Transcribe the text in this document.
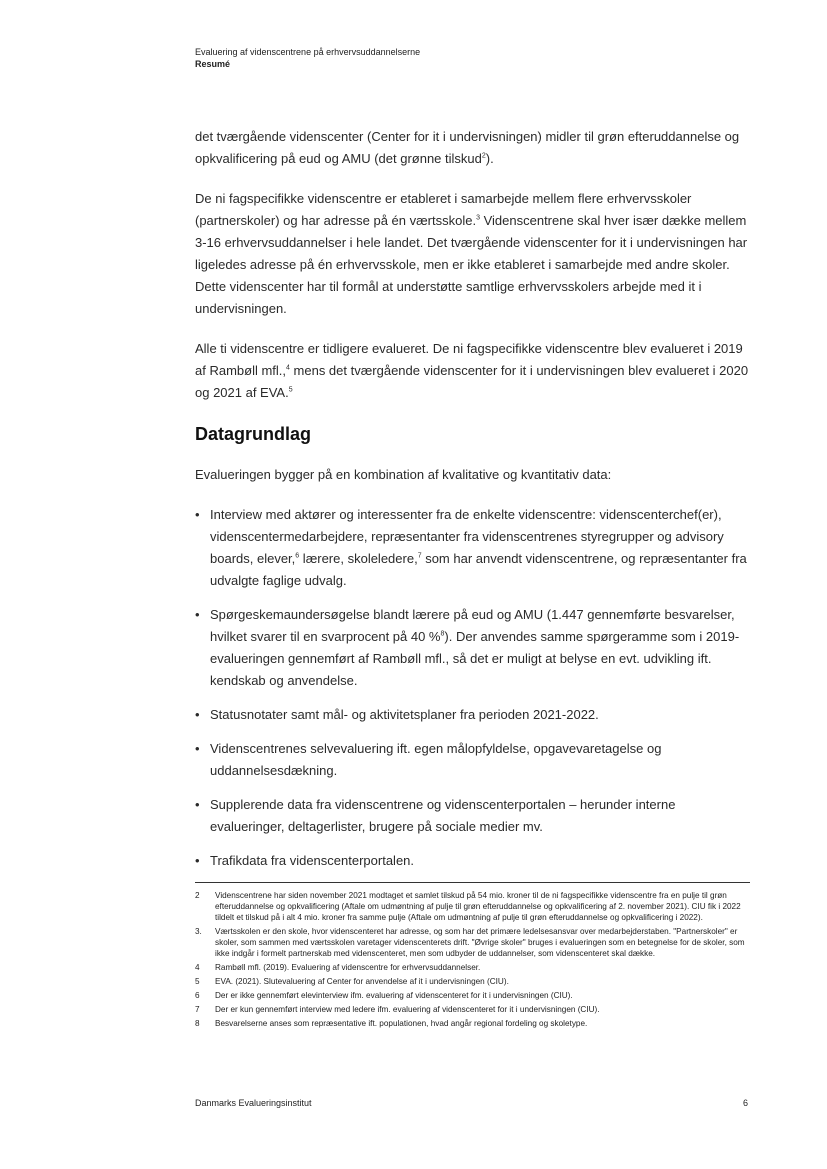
Evaluering af videnscentrene på erhvervsuddannelserne
Resumé

det tværgående videnscenter (Center for it i undervisningen) midler til grøn efteruddannelse og opkvalificering på eud og AMU (det grønne tilskud$^2$).

De ni fagspecifikke videnscentre er etableret i samarbejde mellem flere erhvervsskoler (partnerskoler) og har adresse på én værtsskole.$^3$ Videnscentrene skal hver især dække mellem 3-16 erhvervsuddannelser i hele landet. Det tværgående videnscenter for it i undervisningen har ligeledes adresse på én erhvervsskole, men er ikke etableret i samarbejde med andre skoler. Dette videnscenter har til formål at understøtte samtlige erhvervsskolers arbejde med it i undervisningen.

Alle ti videnscentre er tidligere evalueret. De ni fagspecifikke videnscentre blev evalueret i 2019 af Rambøll mfl.,$^4$ mens det tværgående videnscenter for it i undervisningen blev evalueret i 2020 og 2021 af EVA.$^5$

Datagrundlag

Evalueringen bygger på en kombination af kvalitative og kvantitativ data:

• Interview med aktører og interessenter fra de enkelte videnscentre: videnscenterchef(er), videnscentermedarbejdere, repræsentanter fra videnscentrenes styregrupper og advisory boards, elever,$^6$ lærere, skoleledere,$^7$ som har anvendt videnscentrene, og repræsentanter fra udvalgte faglige udvalg.
• Spørgeskemaundersøgelse blandt lærere på eud og AMU (1.447 gennemførte besvarelser, hvilket svarer til en svarprocent på 40 %$^8$). Der anvendes samme spørgeramme som i 2019-evalueringen gennemført af Rambøll mfl., så det er muligt at belyse en evt. udvikling ift. kendskab og anvendelse.
• Statusnotater samt mål- og aktivitetsplaner fra perioden 2021-2022.
• Videnscentrenes selvevaluering ift. egen målopfyldelse, opgavevaretagelse og uddannelsesdækning.
• Supplerende data fra videnscentrene og videnscenterportalen – herunder interne evalueringer, deltagerlister, brugere på sociale medier mv.
• Trafikdata fra videnscenterportalen.
2	Videnscentrene har siden november 2021 modtaget et samlet tilskud på 54 mio. kroner til de ni fagspecifikke videnscentre fra en pulje til grøn efteruddannelse og opkvalificering (Aftale om udmøntning af pulje til grøn efteruddannelse og opkvalificering af 2. november 2021). CIU fik i 2022 tildelt et tilskud på i alt 4 mio. kroner fra samme pulje (Aftale om udmøntning af pulje til grøn efteruddannelse og opkvalificering i 2022).
3.	Værtsskolen er den skole, hvor videnscenteret har adresse, og som har det primære ledelsesansvar over medarbejderstaben. "Partnerskoler" er skoler, som sammen med værtsskolen varetager videnscenterets drift. "Øvrige skoler" bruges i evalueringen som en betegnelse for de skoler, som ikke indgår i formelt partnerskab med videnscenteret, men som udbyder de uddannelser, som videnscenteret skal dække.
4	Rambøll mfl. (2019). Evaluering af videnscentre for erhvervsuddannelser.
5	EVA. (2021). Slutevaluering af Center for anvendelse af it i undervisningen (CIU).
6	Der er ikke gennemført elevinterview ifm. evaluering af videnscenteret for it i undervisningen (CIU).
7	Der er kun gennemført interview med ledere ifm. evaluering af videnscenteret for it i undervisningen (CIU).
8	Besvarelserne anses som repræsentative ift. populationen, hvad angår regional fordeling og skoletype.
Danmarks Evalueringsinstitut	6
